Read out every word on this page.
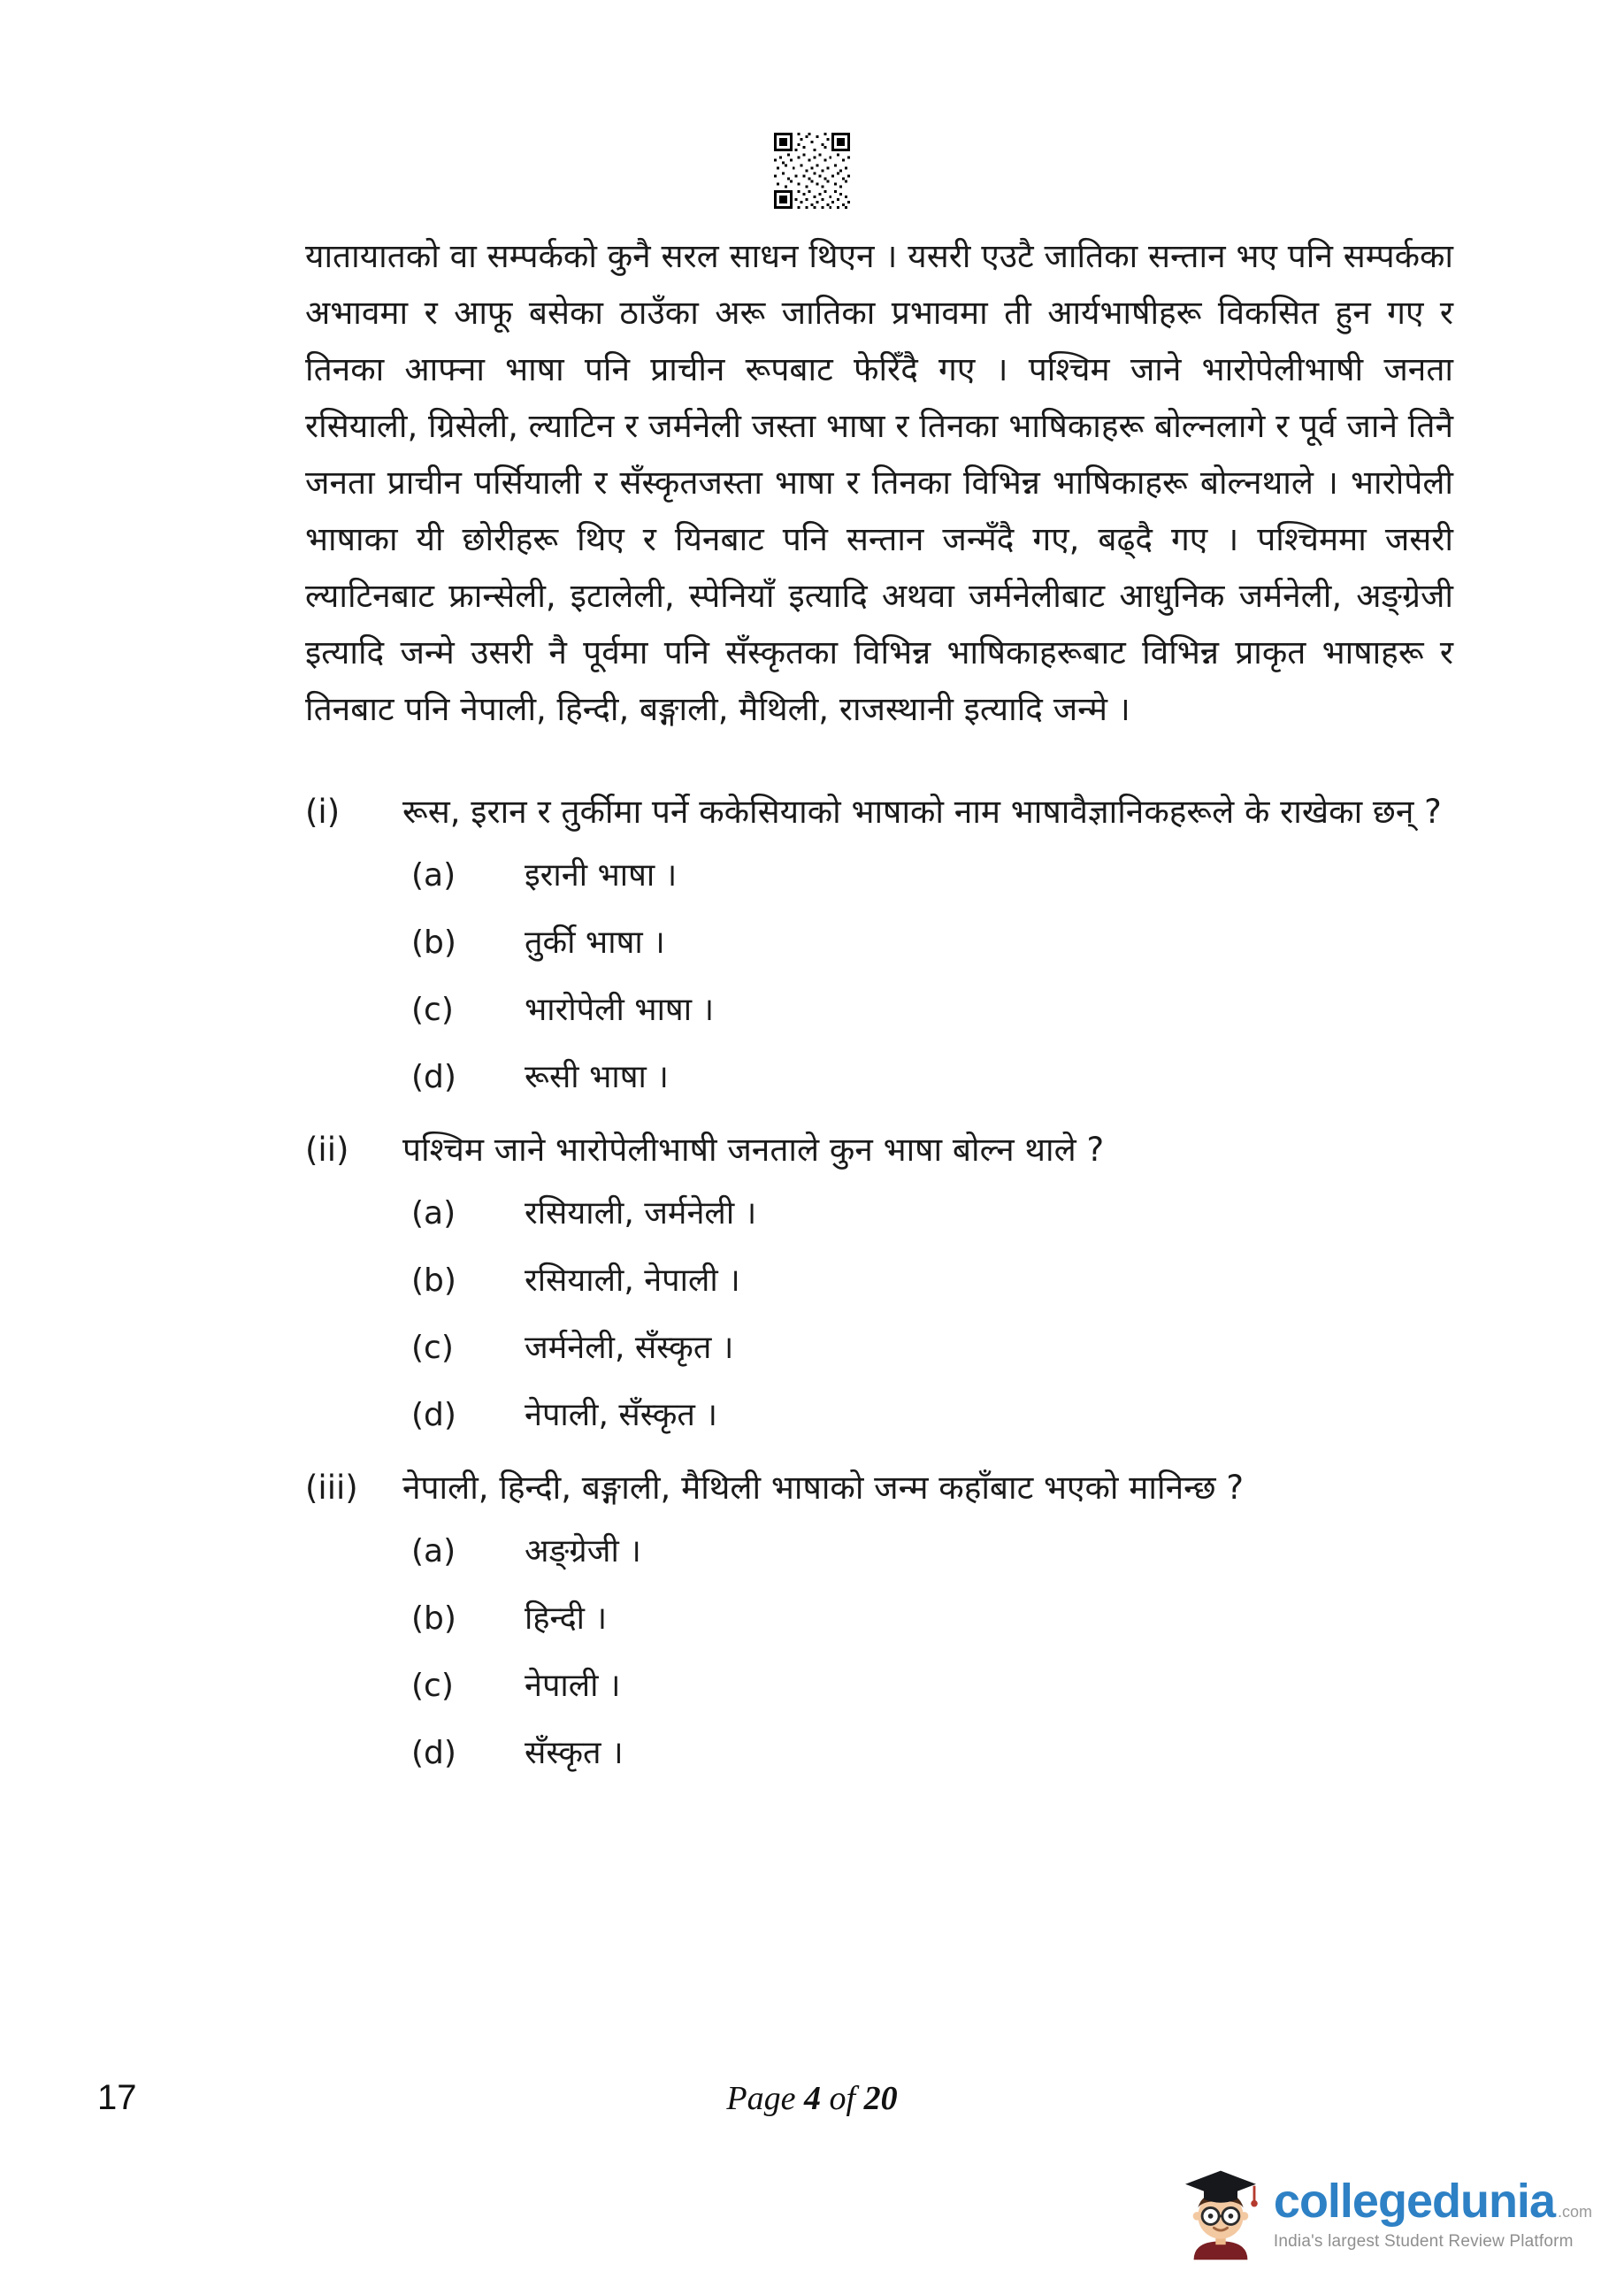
यातायातको वा सम्पर्कको कुनै सरल साधन थिएन । यसरी एउटै जातिका सन्तान भए पनि सम्पर्कका अभावमा र आफू बसेका ठाउँका अरू जातिका प्रभावमा ती आर्यभाषीहरू विकसित हुन गए र तिनका आफ्ना भाषा पनि प्राचीन रूपबाट फेरिँदै गए । पश्चिम जाने भारोपेलीभाषी जनता रसियाली, ग्रिसेली, ल्याटिन र जर्मनेली जस्ता भाषा र तिनका भाषिकाहरू बोल्नलागे र पूर्व जाने तिनै जनता प्राचीन पर्सियाली र सँस्कृतजस्ता भाषा र तिनका विभिन्न भाषिकाहरू बोल्नथाले । भारोपेली भाषाका यी छोरीहरू थिए र यिनबाट पनि सन्तान जन्मँदै गए, बढ्दै गए । पश्चिममा जसरी ल्याटिनबाट फ्रान्सेली, इटालेली, स्पेनियाँ इत्यादि अथवा जर्मनेलीबाट आधुनिक जर्मनेली, अङ्ग्रेजी इत्यादि जन्मे उसरी नै पूर्वमा पनि सँस्कृतका विभिन्न भाषिकाहरूबाट विभिन्न प्राकृत भाषाहरू र तिनबाट पनि नेपाली, हिन्दी, बङ्गाली, मैथिली, राजस्थानी इत्यादि जन्मे ।

(i)	रूस, इरान र तुर्कीमा पर्ने ककेसियाको भाषाको नाम भाषावैज्ञानिकहरूले के राखेका छन् ?
(a)	इरानी भाषा ।
(b)	तुर्की भाषा ।
(c)	भारोपेली भाषा ।
(d)	रूसी भाषा ।
(ii)	पश्चिम जाने भारोपेलीभाषी जनताले कुन भाषा बोल्न थाले ?
(a)	रसियाली, जर्मनेली ।
(b)	रसियाली, नेपाली ।
(c)	जर्मनेली, सँस्कृत ।
(d)	नेपाली, सँस्कृत ।
(iii)	नेपाली, हिन्दी, बङ्गाली, मैथिली भाषाको जन्म कहाँबाट भएको मानिन्छ ?
(a)	अङ्ग्रेजी ।
(b)	हिन्दी ।
(c)	नेपाली ।
(d)	सँस्कृत ।
17	Page 4 of 20
collegedunia .com
India's largest Student Review Platform
